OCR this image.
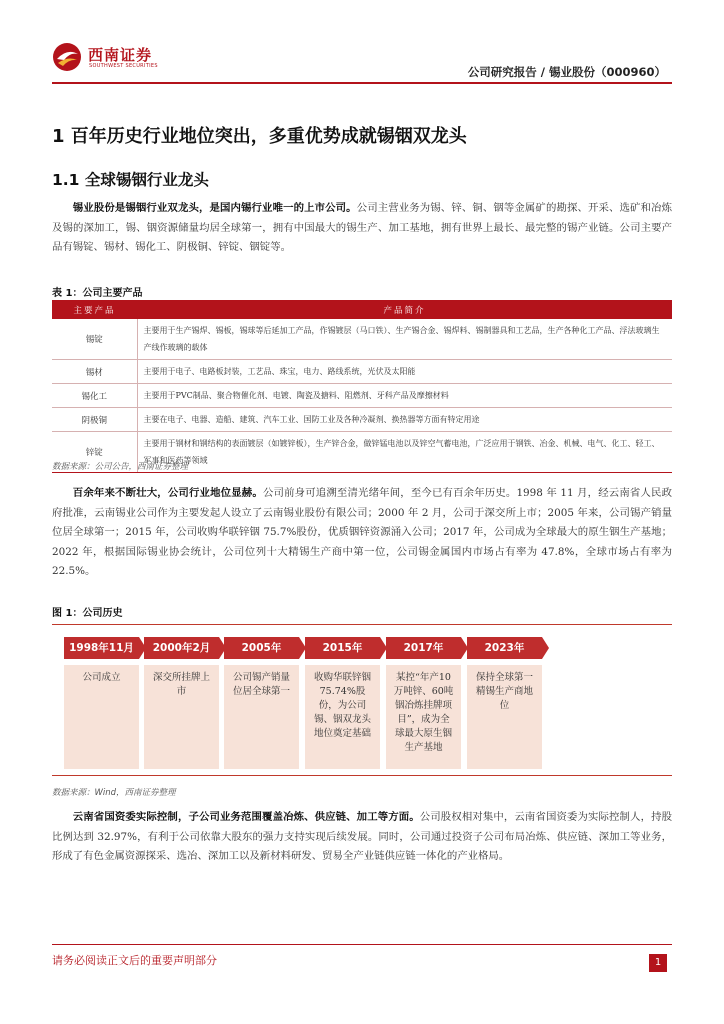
西南证券
SOUTHWEST SECURITIES	公司研究报告 / 锡业股份（000960）
1 百年历史行业地位突出，多重优势成就锡铟双龙头
1.1 全球锡铟行业龙头
锡业股份是锡铟行业双龙头，是国内锡行业唯一的上市公司。公司主营业务为锡、锌、铜、铟等金属矿的勘探、开采、选矿和冶炼及锡的深加工，锡、铟资源储量均居全球第一，拥有中国最大的锡生产、加工基地，拥有世界上最长、最完整的锡产业链。公司主要产品有锡锭、锡材、锡化工、阴极铜、锌锭、铟锭等。
表 1：公司主要产品
主要产品	产品简介
锡锭	主要用于生产锡焊、锡板，锡球等后延加工产品，作锡镀层（马口铁）、生产锡合金、锡焊料、锡制器具和工艺品，生产各种化工产品、浮法玻璃生产线作玻璃的载体
锡材	主要用于电子、电路板封装，工艺品、珠宝，电力、路线系统，光伏及太阳能
锡化工	主要用于PVC制品、聚合物催化剂、电镀、陶瓷及搪料、阻燃剂、牙科产品及摩擦材料
阴极铜	主要在电子、电器、造船、建筑、汽车工业、国防工业及各种冷凝剂、换热器等方面有特定用途
锌锭	主要用于钢材和钢结构的表面镀层（如镀锌板），生产锌合金，做锌锰电池以及锌空气蓄电池，广泛应用于钢铁、冶金、机械、电气、化工、轻工、军事和医药等领域
数据来源：公司公告，西南证券整理
百余年来不断壮大，公司行业地位显赫。公司前身可追溯至清光绪年间，至今已有百余年历史。1998 年 11 月，经云南省人民政府批准，云南锡业公司作为主要发起人设立了云南锡业股份有限公司；2000 年 2 月，公司于深交所上市；2005 年来，公司锡产销量位居全球第一；2015 年，公司收购华联锌铟 75.7%股份，优质铟锌资源涌入公司；2017 年，公司成为全球最大的原生铟生产基地；2022 年，根据国际锡业协会统计，公司位列十大精锡生产商中第一位，公司锡金属国内市场占有率为 47.8%，全球市场占有率为 22.5%。
图 1：公司历史
1998年11月
公司成立
2000年2月
深交所挂牌上市
2005年
公司锡产销量位居全球第一
2015年
收购华联锌铟75.74%股份，为公司锡、铟双龙头地位奠定基础
2017年
某控“年产10万吨锌、60吨铟冶炼挂牌项目”，成为全球最大原生铟生产基地
2023年
保持全球第一精锡生产商地位
数据来源：Wind，西南证券整理
云南省国资委实际控制，子公司业务范围覆盖冶炼、供应链、加工等方面。公司股权相对集中，云南省国资委为实际控制人，持股比例达到 32.97%，有利于公司依靠大股东的强力支持实现后续发展。同时，公司通过投资子公司布局冶炼、供应链、深加工等业务，形成了有色金属资源探采、选冶、深加工以及新材料研发、贸易全产业链供应链一体化的产业格局。
请务必阅读正文后的重要声明部分	1
